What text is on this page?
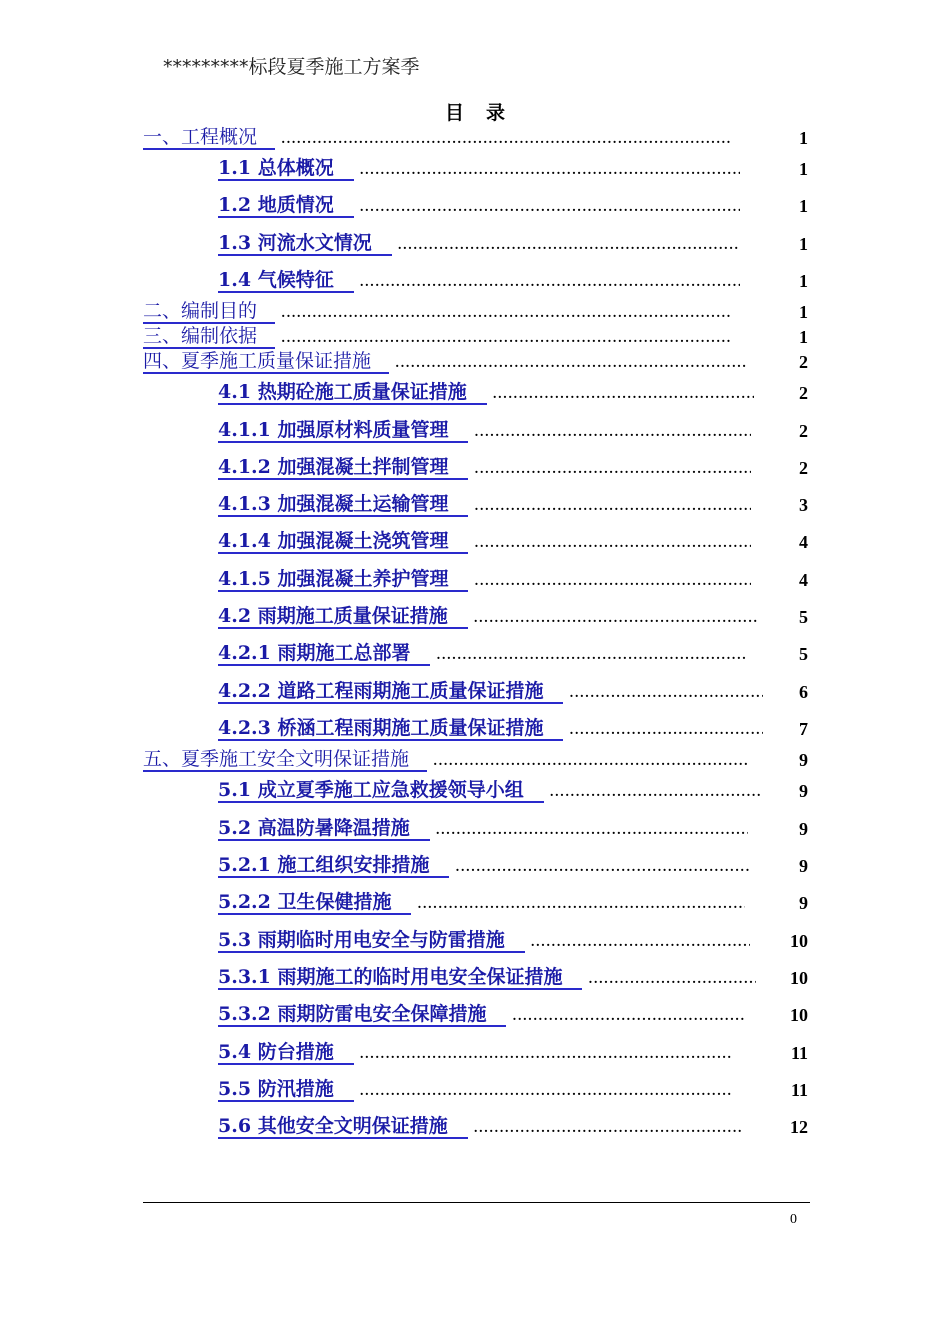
*********标段夏季施工方案季
目录
一、工程概况 .....	1
1.1 总体概况 .....	1
1.2 地质情况 .....	1
1.3 河流水文情况 .....	1
1.4 气候特征 .....	1
二、编制目的 .....	1
三、编制依据 .....	1
四、夏季施工质量保证措施 .....	2
4.1 热期砼施工质量保证措施 .....	2
4.1.1 加强原材料质量管理 .....	2
4.1.2 加强混凝土拌制管理 .....	2
4.1.3 加强混凝土运输管理 .....	3
4.1.4 加强混凝土浇筑管理 .....	4
4.1.5 加强混凝土养护管理 .....	4
4.2 雨期施工质量保证措施 .....	5
4.2.1 雨期施工总部署 .....	5
4.2.2 道路工程雨期施工质量保证措施 .....	6
4.2.3 桥涵工程雨期施工质量保证措施 .....	7
五、夏季施工安全文明保证措施 .....	9
5.1 成立夏季施工应急救援领导小组 .....	9
5.2 高温防暑降温措施 .....	9
5.2.1 施工组织安排措施 .....	9
5.2.2 卫生保健措施 .....	9
5.3 雨期临时用电安全与防雷措施 .....	10
5.3.1 雨期施工的临时用电安全保证措施 .....	10
5.3.2 雨期防雷电安全保障措施 .....	10
5.4 防台措施 .....	11
5.5 防汛措施 .....	11
5.6 其他安全文明保证措施 .....	12
0
